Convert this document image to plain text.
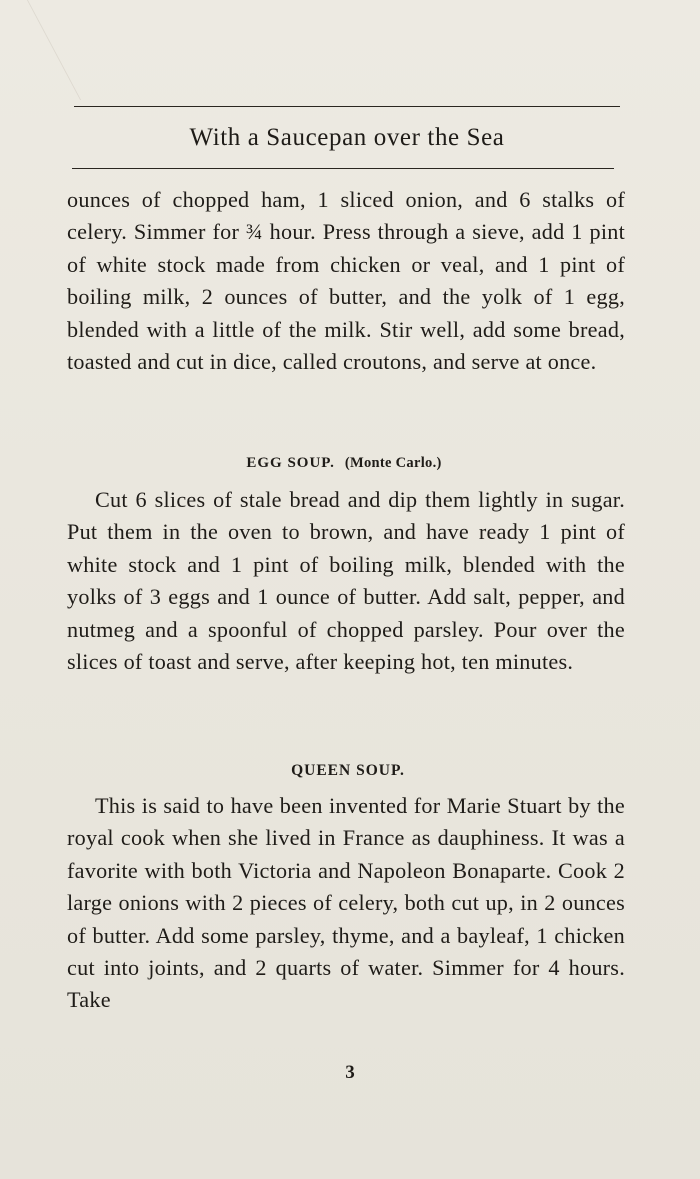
With a Saucepan over the Sea

ounces of chopped ham, 1 sliced onion, and 6 stalks of celery. Simmer for ¾ hour. Press through a sieve, add 1 pint of white stock made from chicken or veal, and 1 pint of boiling milk, 2 ounces of butter, and the yolk of 1 egg, blended with a little of the milk. Stir well, add some bread, toasted and cut in dice, called croutons, and serve at once.

EGG SOUP. (Monte Carlo.)

Cut 6 slices of stale bread and dip them lightly in sugar. Put them in the oven to brown, and have ready 1 pint of white stock and 1 pint of boiling milk, blended with the yolks of 3 eggs and 1 ounce of butter. Add salt, pepper, and nutmeg and a spoonful of chopped parsley. Pour over the slices of toast and serve, after keeping hot, ten minutes.

QUEEN SOUP.

This is said to have been invented for Marie Stuart by the royal cook when she lived in France as dauphiness. It was a favorite with both Victoria and Napoleon Bonaparte. Cook 2 large onions with 2 pieces of celery, both cut up, in 2 ounces of butter. Add some parsley, thyme, and a bayleaf, 1 chicken cut into joints, and 2 quarts of water. Simmer for 4 hours. Take

3
